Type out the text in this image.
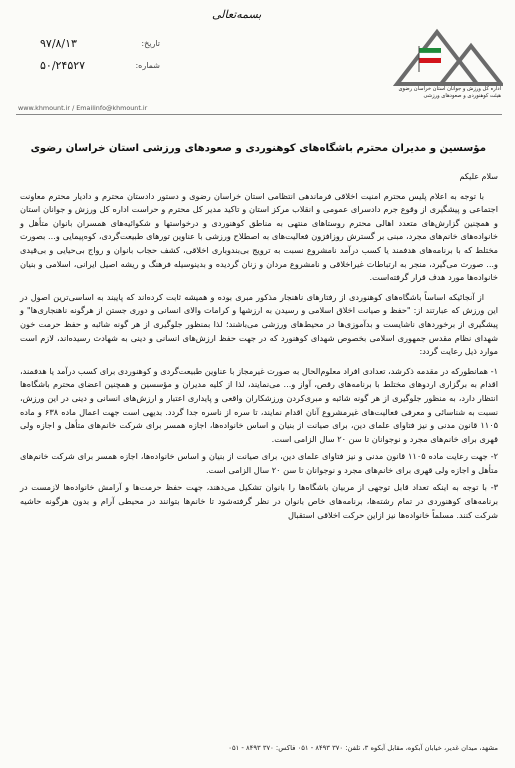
بسمه‌تعالی
تاریخ:
۹۷/۸/۱۳
شماره:
۵۰/۲۴۵۲۷
اداره کل ورزش و جوانان استان خراسان رضوی
هیئت کوهنوردی و صعودهای ورزشی
www.khmount.ir / Emailinfo@khmount.ir
مؤسسین و مدیران محترم باشگاه‌های کوهنوردی و صعودهای ورزشی استان خراسان رضوی
سلام علیکم

با توجه به اعلام پلیس محترم امنیت اخلاقی فرماندهی انتظامی استان خراسان رضوی و دستور دادستان محترم و دادیار محترم معاونت اجتماعی و پیشگیری از وقوع جرم دادسرای عمومی و انقلاب مرکز استان و تاکید مدیر کل محترم و حراست اداره کل ورزش و جوانان استان و همچنین گزارش‌های متعدد اهالی محترم روستاهای منتهی به مناطق کوهنوردی و درخواستها و شکوائیه‌های همسران بانوان متأهل و خانواده‌های خانم‌های مجرد، مبنی بر گسترش روزافزون فعالیت‌های به اصطلاح ورزشی با عناوین تورهای طبیعت‌گردی، کوه‌پیمایی و... بصورت مختلط که با برنامه‌های هدفمند یا کسب درآمد نامشروع نسبت به ترویج بی‌بندوباری اخلاقی، کشف حجاب بانوان و رواج بی‌حیایی و بی‌قیدی و... صورت می‌گیرد، منجر به ارتباطات غیراخلاقی و نامشروع مردان و زنان گردیده و بدینوسیله فرهنگ و ریشه اصیل ایرانی، اسلامی و بنیان خانواده‌ها مورد هدف قرار گرفته‌است.

از آنجائیکه اساساً باشگاه‌های کوهنوردی از رفتارهای ناهنجار مذکور مبری بوده و همیشه ثابت کرده‌اند که پایبند به اساسی‌ترین اصول در این ورزش که عبارتند از: "حفظ و صیانت اخلاق اسلامی و رسیدن به ارزشها و کرامات والای انسانی و دوری جستن از هرگونه ناهنجاری‌ها" و پیشگیری از برخوردهای ناشایست و بدآموزی‌ها در محیط‌های ورزشی می‌باشند؛ لذا بمنظور جلوگیری از هر گونه شائبه و حفظ حرمت خون شهدای نظام مقدس جمهوری اسلامی بخصوص شهدای کوهنورد که در جهت حفظ ارزش‌های انسانی و دینی به شهادت رسیده‌اند، لازم است موارد ذیل رعایت گردد:

۱- همانطورکه در مقدمه ذکرشد، تعدادی افراد معلوم‌الحال به صورت غیرمجاز با عناوین طبیعت‌گردی و کوهنوردی برای کسب درآمد یا هدفمند، اقدام به برگزاری اردوهای مختلط با برنامه‌های رقص، آواز و... می‌نمایند، لذا از کلیه مدیران و مؤسسین و همچنین اعضای محترم باشگاه‌ها انتظار دارد، به منظور جلوگیری از هر گونه شائبه و مبری‌کردن ورزشکاران واقعی و پایداری اعتبار و ارزش‌های انسانی و دینی در این ورزش، نسبت به شناسائی و معرفی فعالیت‌های غیرمشروع آنان اقدام نمایند، تا سره از ناسره جدا گردد. بدیهی است جهت اعمال ماده ۶۳۸ و ماده ۱۱۰۵ قانون مدنی و نیز فتاوای علمای دین، برای صیانت از بنیان و اساس خانواده‌ها، اجازه همسر برای شرکت خانم‌های متأهل و اجازه ولی قهری برای خانم‌های مجرد و نوجوانان تا سن ۲۰ سال الزامی است.

۲- جهت رعایت ماده ۱۱۰۵ قانون مدنی و نیز فتاوای علمای دین، برای صیانت از بنیان و اساس خانواده‌ها، اجازه همسر برای شرکت خانم‌های متأهل و اجازه ولی قهری برای خانم‌های مجرد و نوجوانان تا سن ۲۰ سال الزامی است.

۳- با توجه به اینکه تعداد قابل توجهی از مربیان باشگاه‌ها را بانوان تشکیل می‌دهند، جهت حفظ حرمت‌ها و آرامش خانواده‌ها لازمست در برنامه‌های کوهنوردی در تمام رشته‌ها، برنامه‌های خاص بانوان در نظر گرفته‌شود تا خانم‌ها بتوانند در محیطی آرام و بدون هرگونه حاشیه شرکت کنند. مسلماً خانواده‌ها نیز ازاین حرکت اخلاقی استقبال

مشهد، میدان غدیر، خیابان آبکوه، مقابل آبکوه ۳، تلفن: ۳۷۰ ۸۴۹۳ - ۰۵۱ فاکس: ۳۷۰ ۸۴۹۳ - ۰۵۱
